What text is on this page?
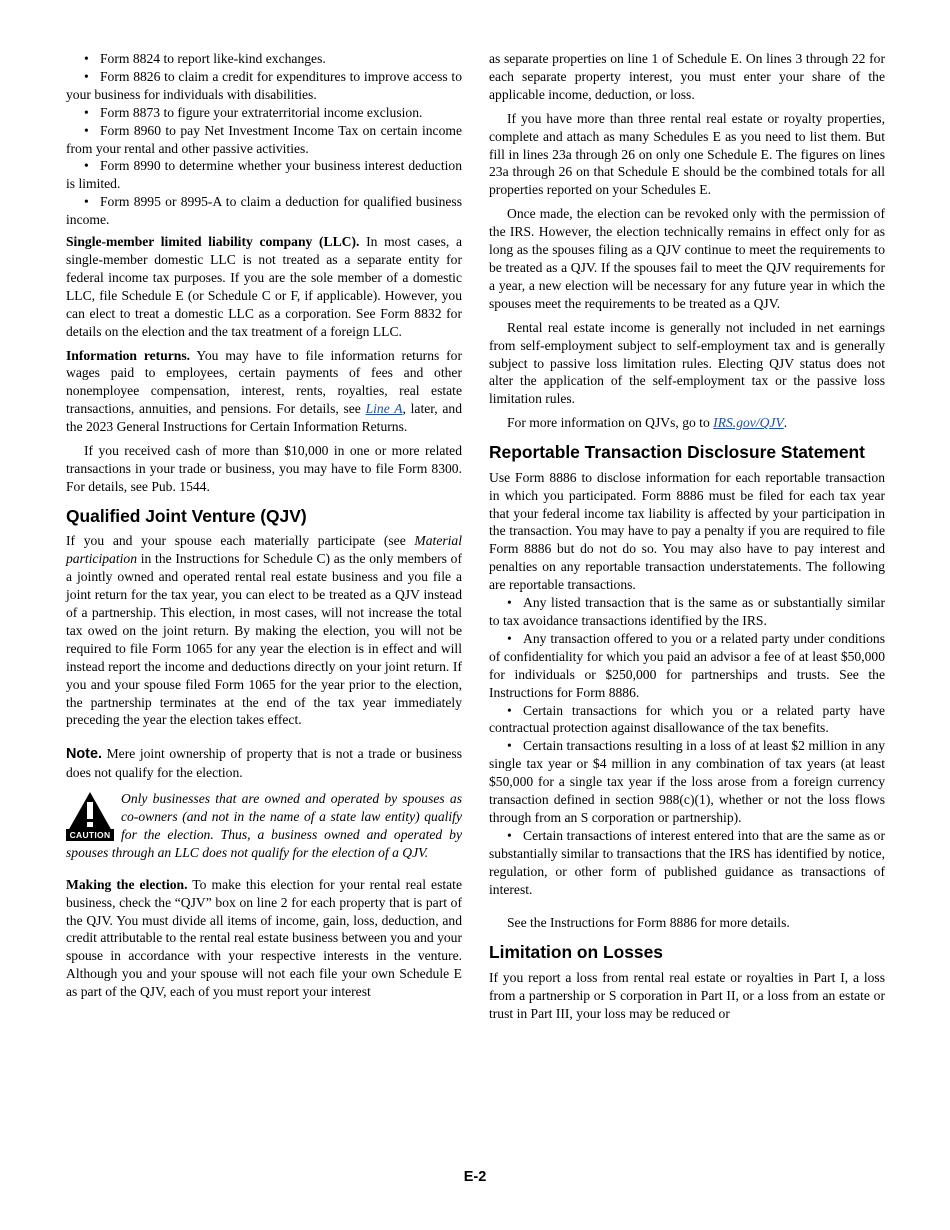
• Form 8824 to report like-kind exchanges.

• Form 8826 to claim a credit for expenditures to improve access to your business for individuals with disabilities.

• Form 8873 to figure your extraterritorial income exclusion.

• Form 8960 to pay Net Investment Income Tax on certain income from your rental and other passive activities.

• Form 8990 to determine whether your business interest deduction is limited.

• Form 8995 or 8995-A to claim a deduction for qualified business income.

Single-member limited liability company (LLC). In most cases, a single-member domestic LLC is not treated as a separate entity for federal income tax purposes. If you are the sole member of a domestic LLC, file Schedule E (or Schedule C or F, if applicable). However, you can elect to treat a domestic LLC as a corporation. See Form 8832 for details on the election and the tax treatment of a foreign LLC.

Information returns. You may have to file information returns for wages paid to employees, certain payments of fees and other nonemployee compensation, interest, rents, royalties, real estate transactions, annuities, and pensions. For details, see Line A, later, and the 2023 General Instructions for Certain Information Returns.

If you received cash of more than $10,000 in one or more related transactions in your trade or business, you may have to file Form 8300. For details, see Pub. 1544.

Qualified Joint Venture (QJV)

If you and your spouse each materially participate (see Material participation in the Instructions for Schedule C) as the only members of a jointly owned and operated rental real estate business and you file a joint return for the tax year, you can elect to be treated as a QJV instead of a partnership. This election, in most cases, will not increase the total tax owed on the joint return. By making the election, you will not be required to file Form 1065 for any year the election is in effect and will instead report the income and deductions directly on your joint return. If you and your spouse filed Form 1065 for the year prior to the election, the partnership terminates at the end of the tax year immediately preceding the year the election takes effect.

Note. Mere joint ownership of property that is not a trade or business does not qualify for the election.

CAUTION
Only businesses that are owned and operated by spouses as co-owners (and not in the name of a state law entity) qualify for the election. Thus, a business owned and operated by spouses through an LLC does not qualify for the election of a QJV.

Making the election. To make this election for your rental real estate business, check the “QJV” box on line 2 for each property that is part of the QJV. You must divide all items of income, gain, loss, deduction, and credit attributable to the rental real estate business between you and your spouse in accordance with your respective interests in the venture. Although you and your spouse will not each file your own Schedule E as part of the QJV, each of you must report your interest

as separate properties on line 1 of Schedule E. On lines 3 through 22 for each separate property interest, you must enter your share of the applicable income, deduction, or loss.

If you have more than three rental real estate or royalty properties, complete and attach as many Schedules E as you need to list them. But fill in lines 23a through 26 on only one Schedule E. The figures on lines 23a through 26 on that Schedule E should be the combined totals for all properties reported on your Schedules E.

Once made, the election can be revoked only with the permission of the IRS. However, the election technically remains in effect only for as long as the spouses filing as a QJV continue to meet the requirements to be treated as a QJV. If the spouses fail to meet the QJV requirements for a year, a new election will be necessary for any future year in which the spouses meet the requirements to be treated as a QJV.

Rental real estate income is generally not included in net earnings from self-employment subject to self-employment tax and is generally subject to passive loss limitation rules. Electing QJV status does not alter the application of the self-employment tax or the passive loss limitation rules.

For more information on QJVs, go to IRS.gov/QJV.

Reportable Transaction Disclosure Statement

Use Form 8886 to disclose information for each reportable transaction in which you participated. Form 8886 must be filed for each tax year that your federal income tax liability is affected by your participation in the transaction. You may have to pay a penalty if you are required to file Form 8886 but do not do so. You may also have to pay interest and penalties on any reportable transaction understatements. The following are reportable transactions.

• Any listed transaction that is the same as or substantially similar to tax avoidance transactions identified by the IRS.

• Any transaction offered to you or a related party under conditions of confidentiality for which you paid an advisor a fee of at least $50,000 for individuals or $250,000 for partnerships and trusts. See the Instructions for Form 8886.

• Certain transactions for which you or a related party have contractual protection against disallowance of the tax benefits.

• Certain transactions resulting in a loss of at least $2 million in any single tax year or $4 million in any combination of tax years (at least $50,000 for a single tax year if the loss arose from a foreign currency transaction defined in section 988(c)(1), whether or not the loss flows through from an S corporation or partnership).

• Certain transactions of interest entered into that are the same as or substantially similar to transactions that the IRS has identified by notice, regulation, or other form of published guidance as transactions of interest.

See the Instructions for Form 8886 for more details.

Limitation on Losses

If you report a loss from rental real estate or royalties in Part I, a loss from a partnership or S corporation in Part II, or a loss from an estate or trust in Part III, your loss may be reduced or

E-2
